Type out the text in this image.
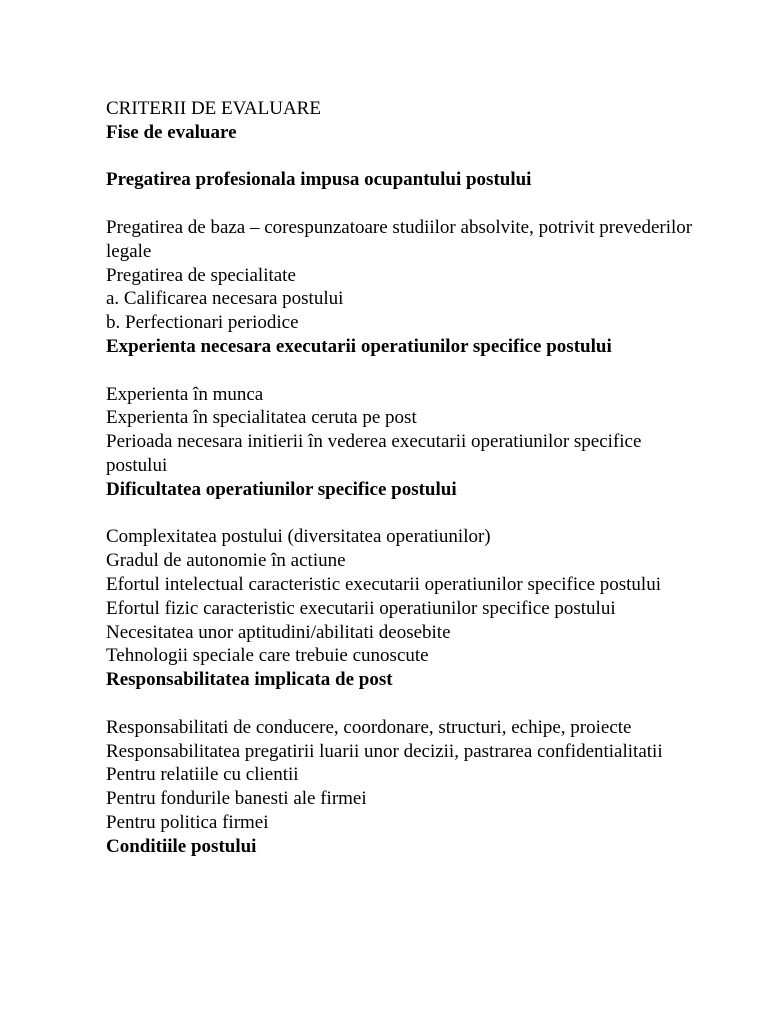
CRITERII DE EVALUARE

Fise de evaluare

Pregatirea profesionala impusa ocupantului postului

Pregatirea de baza – corespunzatoare studiilor absolvite, potrivit prevederilor legale

Pregatirea de specialitate

a. Calificarea necesara postului

b. Perfectionari periodice

Experienta necesara executarii operatiunilor specifice postului

Experienta în munca

Experienta în specialitatea ceruta pe post

Perioada necesara initierii în vederea executarii operatiunilor specifice postului

Dificultatea operatiunilor specifice postului

Complexitatea postului (diversitatea operatiunilor)

Gradul de autonomie în actiune

Efortul intelectual caracteristic executarii operatiunilor specifice postului

Efortul fizic caracteristic executarii operatiunilor specifice postului

Necesitatea unor aptitudini/abilitati deosebite

Tehnologii speciale care trebuie cunoscute

Responsabilitatea implicata de post

Responsabilitati de conducere, coordonare, structuri, echipe, proiecte

Responsabilitatea pregatirii luarii unor decizii, pastrarea confidentialitatii

Pentru relatiile cu clientii

Pentru fondurile banesti ale firmei

Pentru politica firmei

Conditiile postului
